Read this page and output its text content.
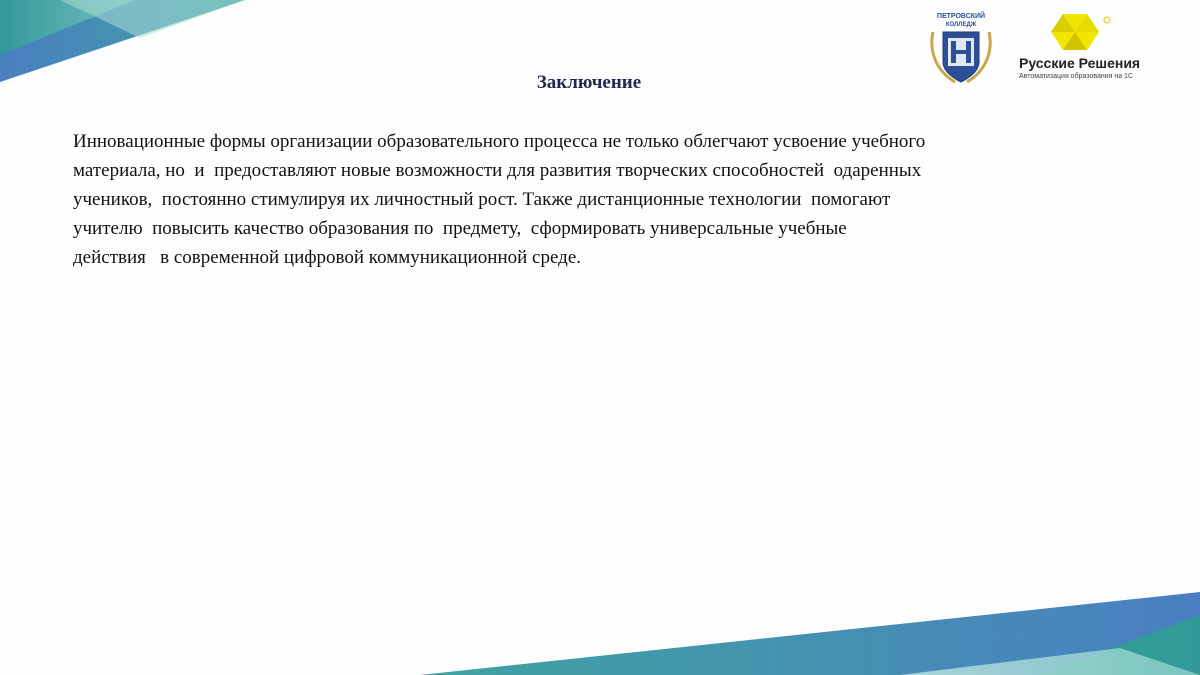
ПЕТРОВСКИЙ
КОЛЛЕДЖ
Русские Решения
Автоматизация образования на 1С
Заключение

Инновационные формы организации образовательного процесса не только облегчают усвоение учебного
материала, но  и  предоставляют новые возможности для развития творческих способностей  одаренных
учеников,  постоянно стимулируя их личностный рост. Также дистанционные технологии  помогают
учителю  повысить качество образования по  предмету,  сформировать универсальные учебные
действия   в современной цифровой коммуникационной среде.
